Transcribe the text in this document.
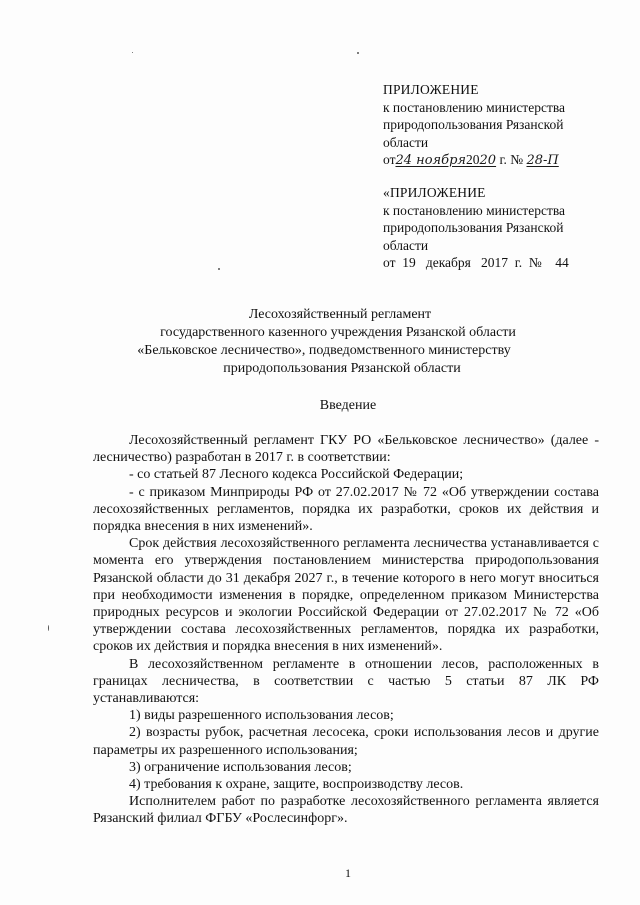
ПРИЛОЖЕНИЕ
к постановлению министерства
природопользования Рязанской
области
от24 ноября2020 г. № 28-П
«ПРИЛОЖЕНИЕ
к постановлению министерства
природопользования Рязанской
области
от  19   декабря   2017  г.  №    44
Лесохозяйственный регламент
государственного казенного учреждения Рязанской области
«Бельковское лесничество», подведомственного министерству
природопользования Рязанской области
Введение

Лесохозяйственный регламент ГКУ РО «Бельковское лесничество» (далее - лесничество) разработан в 2017 г. в соответствии:

- со статьей 87 Лесного кодекса Российской Федерации;

- с приказом Минприроды РФ от 27.02.2017 № 72 «Об утверждении состава лесохозяйственных регламентов, порядка их разработки, сроков их действия и порядка внесения в них изменений».

Срок действия лесохозяйственного регламента лесничества устанавливается с момента его утверждения постановлением министерства природопользования Рязанской области до 31 декабря 2027 г., в течение которого в него могут вноситься при необходимости изменения в порядке, определенном приказом Министерства природных ресурсов и экологии Российской Федерации от 27.02.2017 № 72 «Об утверждении состава лесохозяйственных регламентов, порядка их разработки, сроков их действия и порядка внесения в них изменений».

В лесохозяйственном регламенте в отношении лесов, расположенных в границах лесничества, в соответствии с частью 5 статьи 87 ЛК РФ устанавливаются:

1) виды разрешенного использования лесов;

2) возрасты рубок, расчетная лесосека, сроки использования лесов и другие параметры их разрешенного использования;

3) ограничение использования лесов;

4) требования к охране, защите, воспроизводству лесов.

Исполнителем работ по разработке лесохозяйственного регламента является Рязанский филиал ФГБУ «Рослесинфорг».

1
